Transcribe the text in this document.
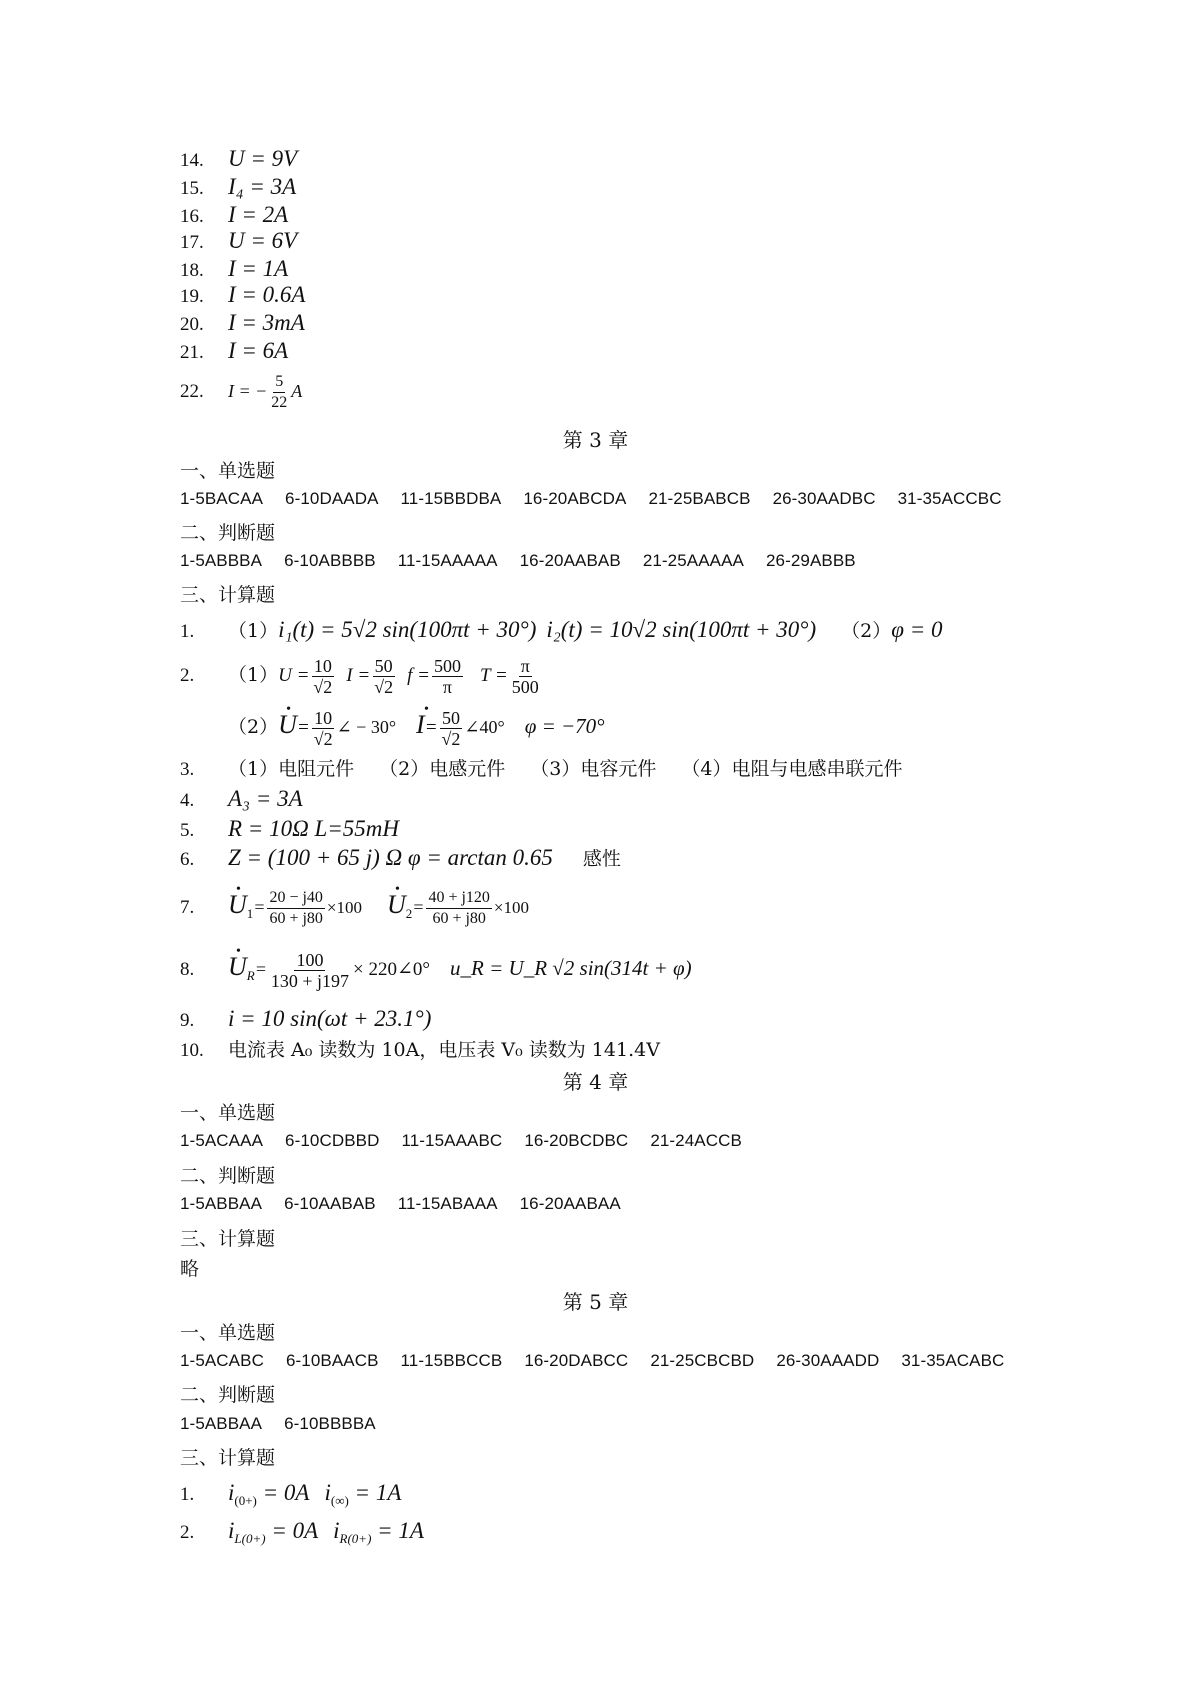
14. U = 9V
15. I₄ = 3A
16. I = 2A
17. U = 6V
18. I = 1A
19. I = 0.6A
20. I = 3mA
21. I = 6A
22. I = − $\frac{5}{22}$ A
第 3 章
一、单选题
1-5BACAA 6-10DAADA 11-15BBDBA 16-20ABCDA 21-25BABCB 26-30AADBC 31-35ACCBC
二、判断题
1-5ABBBA 6-10ABBBB 11-15AAAAA 16-20AABAB 21-25AAAAA 26-29ABBB
三、计算题
1. （1）i₁(t) = 5√2 sin(100πt + 30°) i₂(t) = 10√2 sin(100πt + 30°) （2）φ = 0
2. $(1)U = \frac{10}{√2}$ $I = \frac{50}{√2}$ $f = \frac{500}{\pi}$ $T = \frac{\pi}{500}$
（2）• $U= \frac{10}{√2}$ ∠ − 30° • $I= \frac{50}{√2}$ ∠40° φ = −70°
3. （1）电阻元件　 （2）电感元件　 （3）电容元件　 （4）电阻与电感串联元件
4. A₃ = 3A
5. R = 10Ω L=55mH
6. Z = (100 + 65 j) Ω φ = arctan 0.65 感性
7. • $U_1= \frac{20 - j40}{60 + j80} \times 100$ • $U_2= \frac{40 + j120}{60 + j80} \times 100$
8. • $U_R= \frac{100}{130 + j197}$ × 220∠0° u_R = U_R √2 sin(314t + φ)
9. i = 10 sin(ωt + 23.1°)
10. 电流表 A₀ 读数为 10A，电压表 V₀ 读数为 141.4V
第 4 章
一、单选题
1-5ACAAA 6-10CDBBD 11-15AAABC 16-20BCDBC 21-24ACCB
二、判断题
1-5ABBAA 6-10AABAB 11-15ABAAA 16-20AABAA
三、计算题
略
第 5 章
一、单选题
1-5ACABC 6-10BAACB 11-15BBCCB 16-20DABCC 21-25CBCBD 26-30AAADD 31-35ACABC
二、判断题
1-5ABBAA 6-10BBBBA
三、计算题
1. $i_{(0+)} = 0A$ $i_{(\infty)} = 1A$
2. $i_{L(0+)} = 0A$ $i_{R(0+)} = 1A$
